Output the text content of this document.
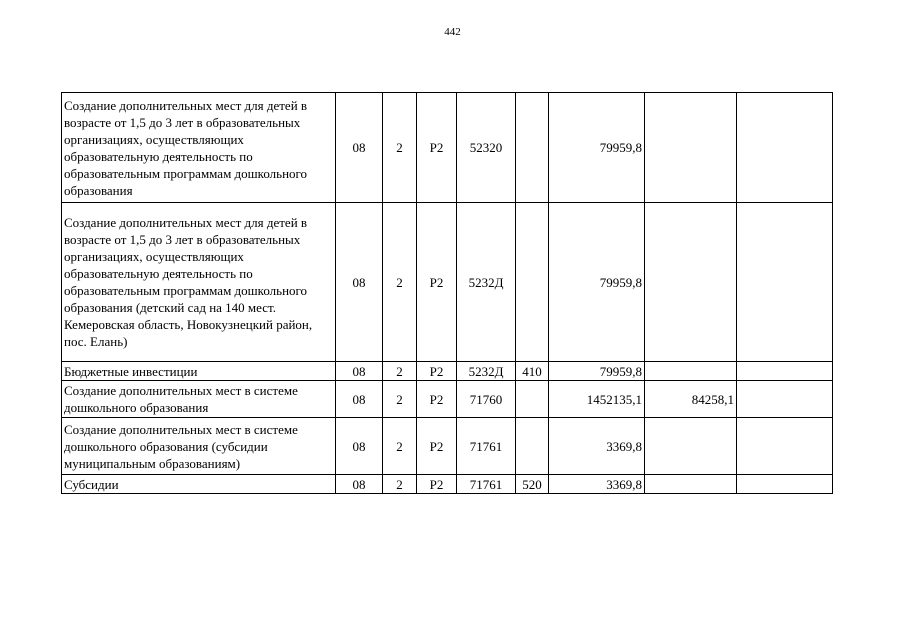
442
Создание дополнительных мест для детей в возрасте от 1,5 до 3 лет в образовательных организациях, осуществляющих образовательную деятельность по образовательным программам дошкольного образования	08	2	P2	52320		79959,8		
Создание дополнительных мест для детей в возрасте от 1,5 до 3 лет в образовательных организациях, осуществляющих образовательную деятельность по образовательным программам дошкольного образования (детский сад на 140 мест. Кемеровская область, Новокузнецкий район, пос. Елань)	08	2	P2	5232Д		79959,8		
Бюджетные инвестиции	08	2	P2	5232Д	410	79959,8		
Создание дополнительных мест в системе дошкольного образования	08	2	P2	71760		1452135,1	84258,1	
Создание дополнительных мест в системе дошкольного образования (субсидии муниципальным образованиям)	08	2	P2	71761		3369,8		
Субсидии	08	2	P2	71761	520	3369,8		
